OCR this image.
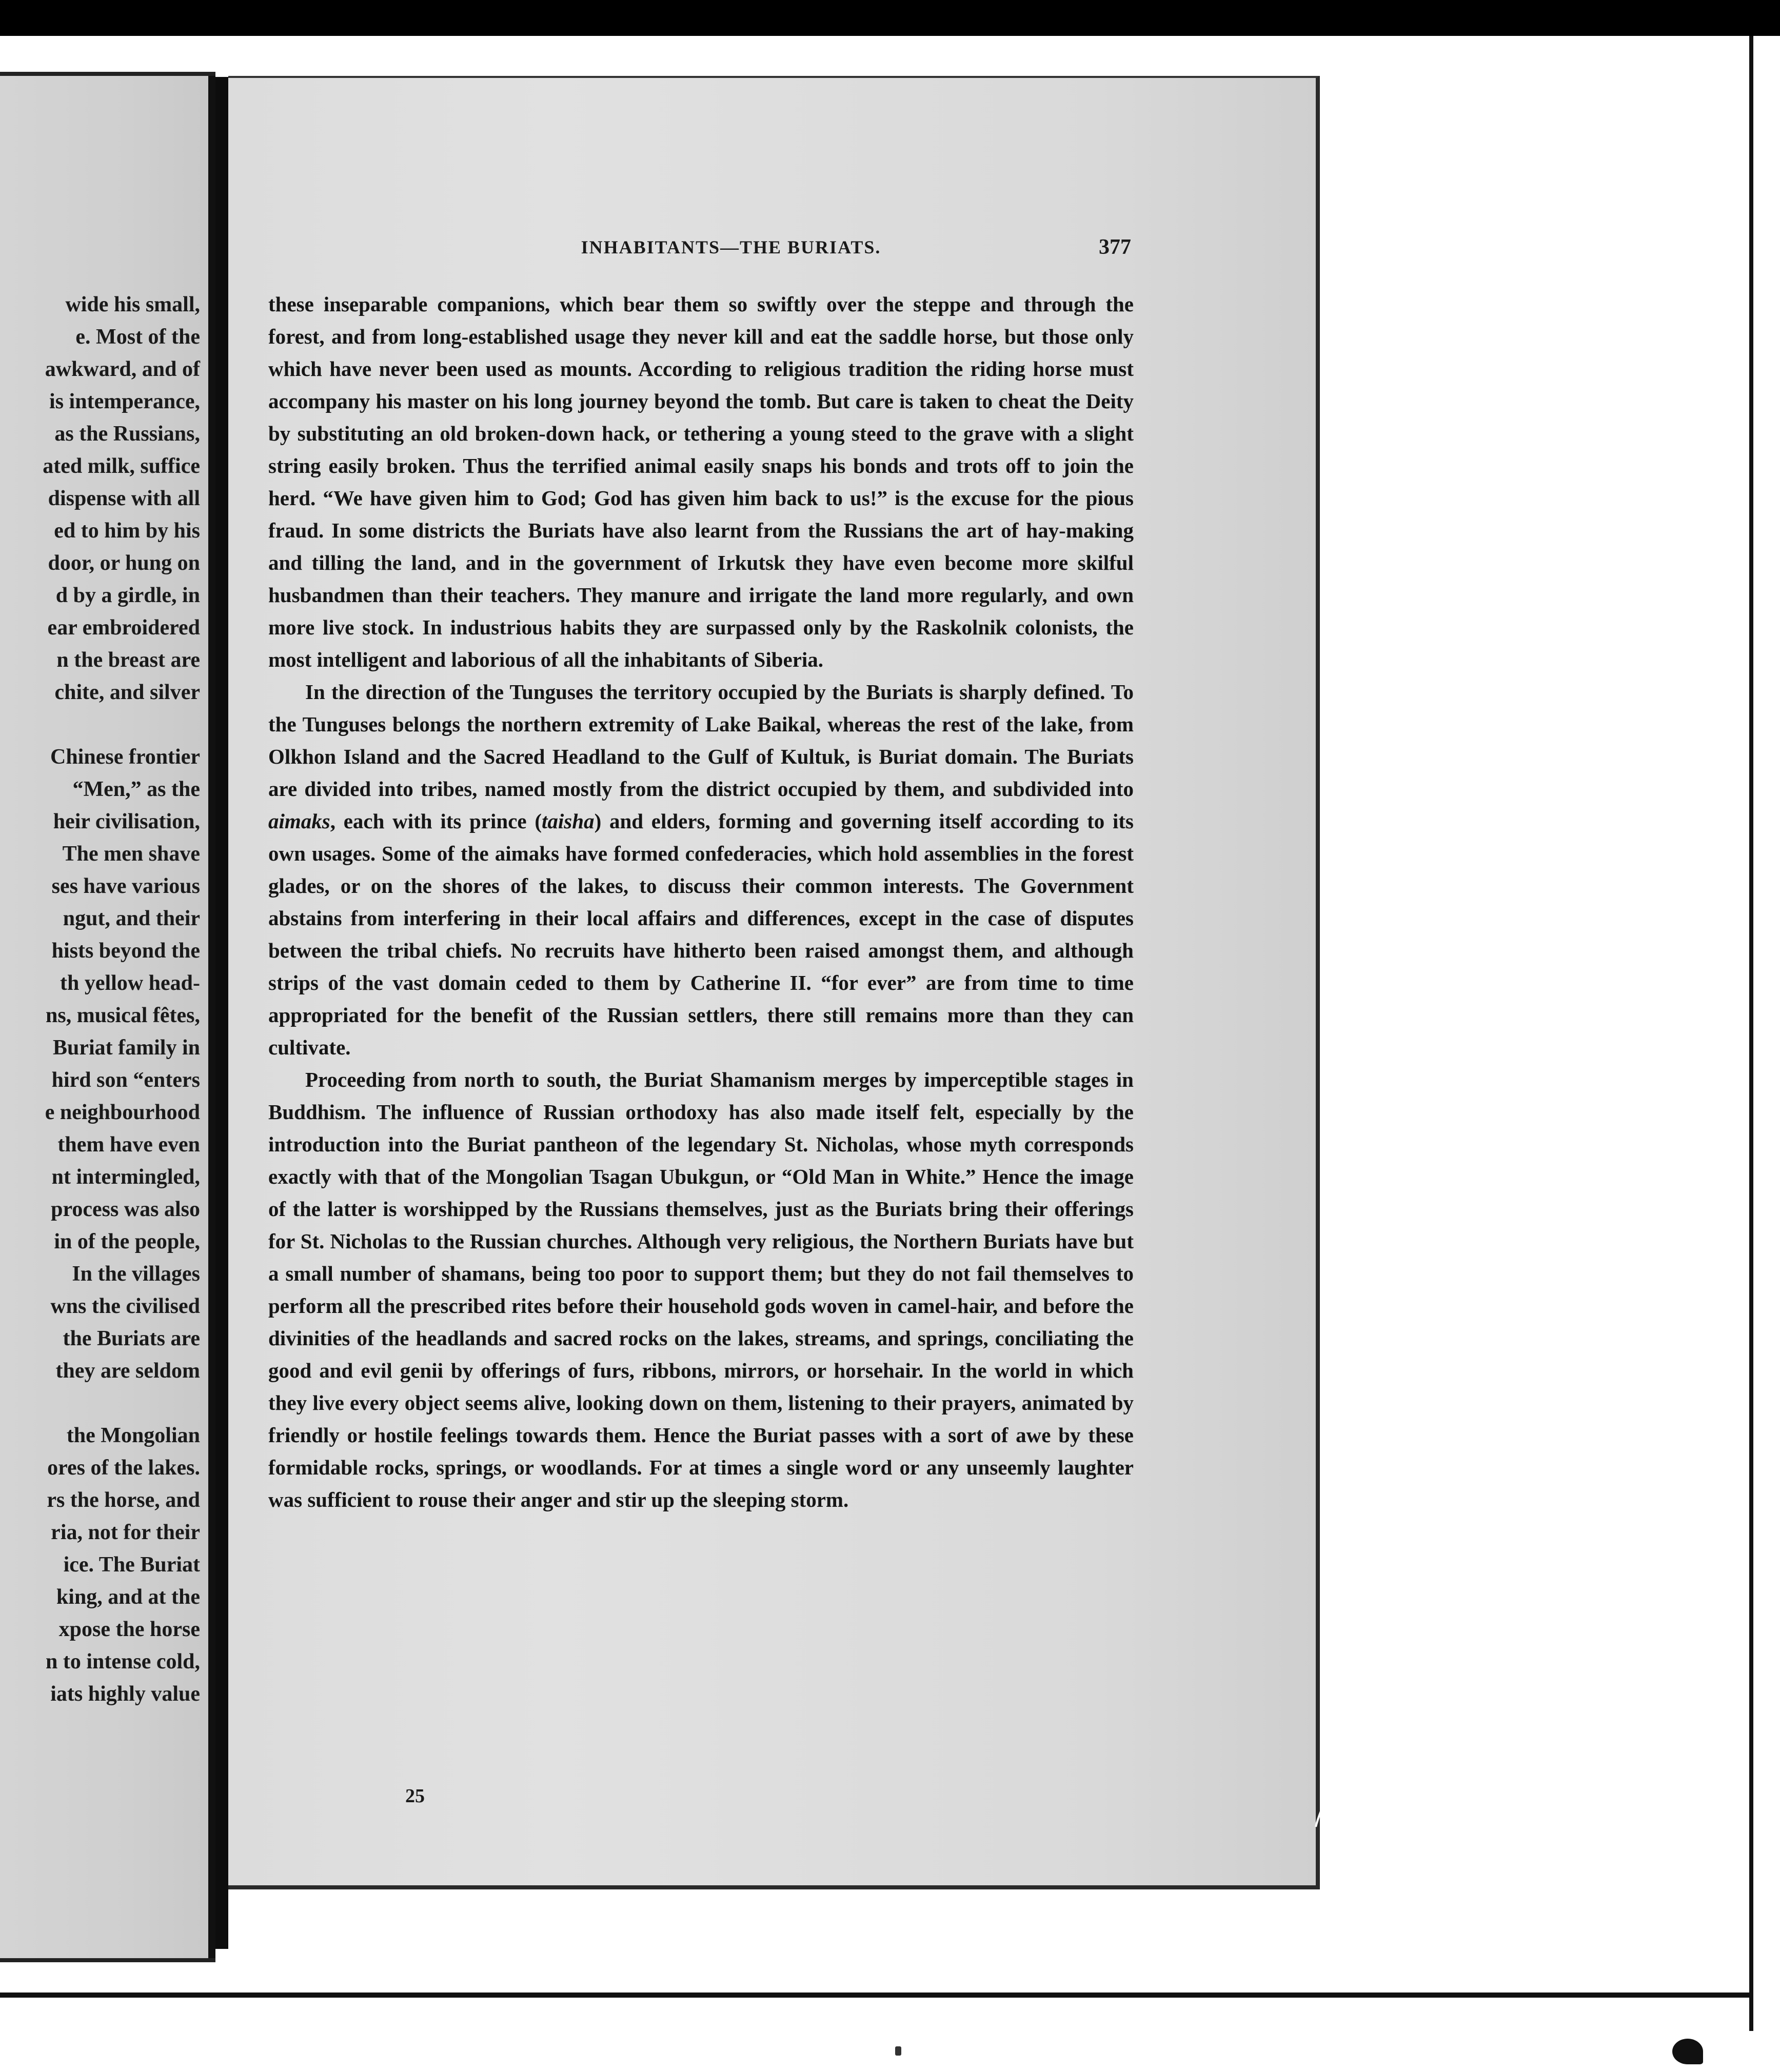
wide his small,
e. Most of the
awkward, and of
is intemperance,
as the Russians,
ated milk, suffice
dispense with all
ed to him by his
door, or hung on
d by a girdle, in
ear embroidered
n the breast are
chite, and silver
Chinese frontier
“Men,” as the
heir civilisation,
The men shave
ses have various
ngut, and their
hists beyond the
th yellow head-
ns, musical fêtes,
Buriat family in
hird son “enters
e neighbourhood
them have even
nt intermingled,
process was also
in of the people,
In the villages
wns the civilised
the Buriats are
they are seldom
the Mongolian
ores of the lakes.
rs the horse, and
ria, not for their
ice. The Buriat
king, and at the
xpose the horse
n to intense cold,
iats highly value
INHABITANTS—THE BURIATS.	377

these inseparable companions, which bear them so swiftly over the steppe and through the forest, and from long-established usage they never kill and eat the saddle horse, but those only which have never been used as mounts. According to religious tradition the riding horse must accompany his master on his long journey beyond the tomb. But care is taken to cheat the Deity by substituting an old broken-down hack, or tethering a young steed to the grave with a slight string easily broken. Thus the terrified animal easily snaps his bonds and trots off to join the herd. “We have given him to God; God has given him back to us!” is the excuse for the pious fraud. In some districts the Buriats have also learnt from the Russians the art of hay-making and tilling the land, and in the government of Irkutsk they have even become more skilful husbandmen than their teachers. They manure and irrigate the land more regularly, and own more live stock. In industrious habits they are surpassed only by the Raskolnik colonists, the most intelligent and laborious of all the inhabitants of Siberia.

In the direction of the Tunguses the territory occupied by the Buriats is sharply defined. To the Tunguses belongs the northern extremity of Lake Baikal, whereas the rest of the lake, from Olkhon Island and the Sacred Headland to the Gulf of Kultuk, is Buriat domain. The Buriats are divided into tribes, named mostly from the district occupied by them, and subdivided into aimaks, each with its prince (taisha) and elders, forming and governing itself according to its own usages. Some of the aimaks have formed confederacies, which hold assemblies in the forest glades, or on the shores of the lakes, to discuss their common interests. The Government abstains from interfering in their local affairs and differences, except in the case of disputes between the tribal chiefs. No recruits have hitherto been raised amongst them, and although strips of the vast domain ceded to them by Catherine II. “for ever” are from time to time appropriated for the benefit of the Russian settlers, there still remains more than they can cultivate.

Proceeding from north to south, the Buriat Shamanism merges by imperceptible stages in Buddhism. The influence of Russian orthodoxy has also made itself felt, especially by the introduction into the Buriat pantheon of the legendary St. Nicholas, whose myth corresponds exactly with that of the Mongolian Tsagan Ubukgun, or “Old Man in White.” Hence the image of the latter is worshipped by the Russians themselves, just as the Buriats bring their offerings for St. Nicholas to the Russian churches. Although very religious, the Northern Buriats have but a small number of shamans, being too poor to support them; but they do not fail themselves to perform all the prescribed rites before their household gods woven in camel-hair, and before the divinities of the headlands and sacred rocks on the lakes, streams, and springs, conciliating the good and evil genii by offerings of furs, ribbons, mirrors, or horsehair. In the world in which they live every object seems alive, looking down on them, listening to their prayers, animated by friendly or hostile feelings towards them. Hence the Buriat passes with a sort of awe by these formidable rocks, springs, or woodlands. For at times a single word or any unseemly laughter was sufficient to rouse their anger and stir up the sleeping storm.

25
